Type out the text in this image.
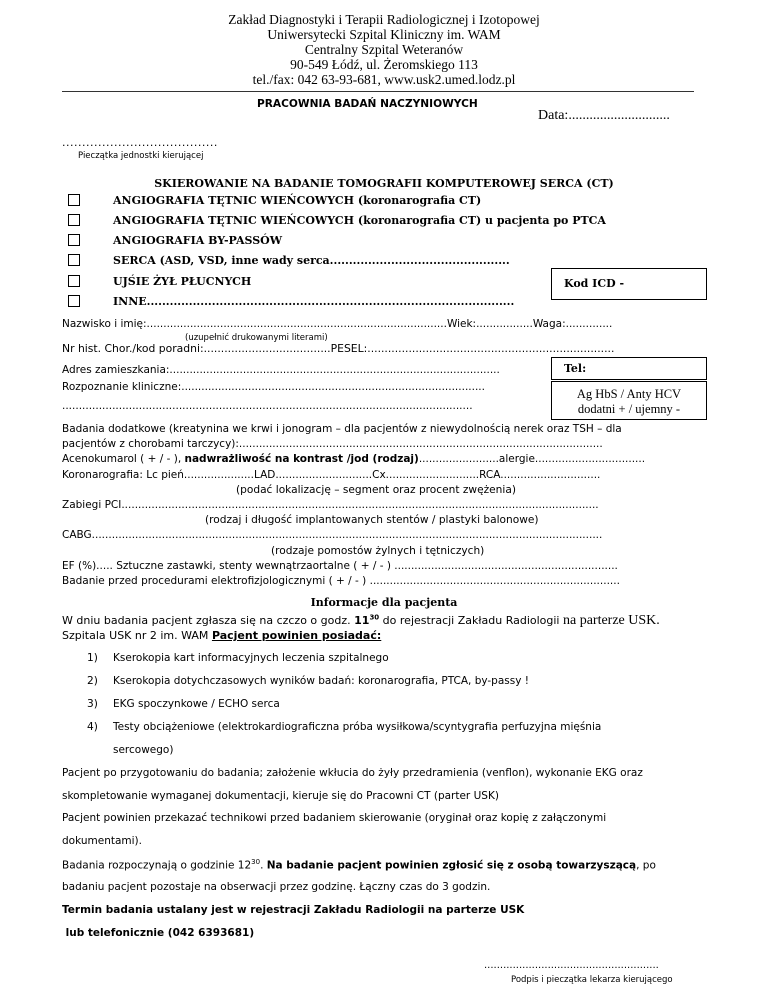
Zakład Diagnostyki i Terapii Radiologicznej i Izotopowej
Uniwersytecki Szpital Kliniczny im. WAM
Centralny Szpital Weteranów
90-549 Łódź, ul. Żeromskiego 113
tel./fax: 042 63-93-681, www.usk2.umed.lodz.pl
PRACOWNIA BADAŃ NACZYNIOWYCH
Data:.............................
.......................................
Pieczątka jednostki kierującej
SKIEROWANIE NA BADANIE TOMOGRAFII KOMPUTEROWEJ SERCA (CT)
ANGIOGRAFIA TĘTNIC WIEŃCOWYCH (koronarografia CT)
ANGIOGRAFIA TĘTNIC WIEŃCOWYCH (koronarografia CT) u pacjenta po PTCA
ANGIOGRAFIA BY-PASSÓW
SERCA (ASD, VSD, inne wady serca...............................................
UJŚIE ŻYŁ PŁUCNYCH
INNE................................................................................................
Kod ICD -
Nazwisko i imię:..........................................................................................Wiek:.................Waga:..............
(uzupełnić drukowanymi literami)
Nr hist. Chor./kod poradni:.....................................PESEL:........................................................................
Adres zamieszkania:...................................................................................................	Tel:
Rozpoznanie kliniczne:...........................................................................................
...........................................................................................................................
Ag HbS / Anty HCV
dodatni + / ujemny -
Badania dodatkowe (kreatynina we krwi i jonogram – dla pacjentów z niewydolnością nerek oraz TSH – dla
pacjentów z chorobami tarczycy):.............................................................................................................
Acenokumarol ( + / - ), nadwrażliwość na kontrast /jod (rodzaj)........................alergie.................................
Koronarografia: Lc pień.....................LAD.............................Cx............................RCA..............................
(podać lokalizację – segment oraz procent zwężenia)
Zabiegi PCI...............................................................................................................................................
(rodzaj i długość implantowanych stentów / plastyki balonowe)
CABG.........................................................................................................................................................
(rodzaje pomostów żylnych i tętniczych)
EF (%)..... Sztuczne zastawki, stenty wewnątrzaortalne ( + / - ) ...................................................................
Badanie przed procedurami elektrofizjologicznymi ( + / - ) ...........................................................................
Informacje dla pacjenta
W dniu badania pacjent zgłasza się na czczo o godz. $11^{30}$ do rejestracji Zakładu Radiologii na parterze USK.
Szpitala USK nr 2 im. WAM Pacjent powinien posiadać:
1) Kserokopia kart informacyjnych leczenia szpitalnego
2) Kserokopia dotychczasowych wyników badań: koronarografia, PTCA, by-passy !
3) EKG spoczynkowe / ECHO serca
4) Testy obciążeniowe (elektrokardiograficzna próba wysiłkowa/scyntygrafia perfuzyjna mięśnia
sercowego)
Pacjent po przygotowaniu do badania; założenie wkłucia do żyły przedramienia (venflon), wykonanie EKG oraz
skompletowanie wymaganej dokumentacji, kieruje się do Pracowni CT (parter USK)
Pacjent powinien przekazać technikowi przed badaniem skierowanie (oryginał oraz kopię z załączonymi
dokumentami).
Badania rozpoczynają o godzinie $12^{30}$. Na badanie pacjent powinien zgłosić się z osobą towarzyszącą, po
badaniu pacjent pozostaje na obserwacji przez godzinę. Łączny czas do 3 godzin.
Termin badania ustalany jest w rejestracji Zakładu Radiologii na parterze USK
lub telefonicznie (042 6393681)
.......................................................
Podpis i pieczątka lekarza kierującego
